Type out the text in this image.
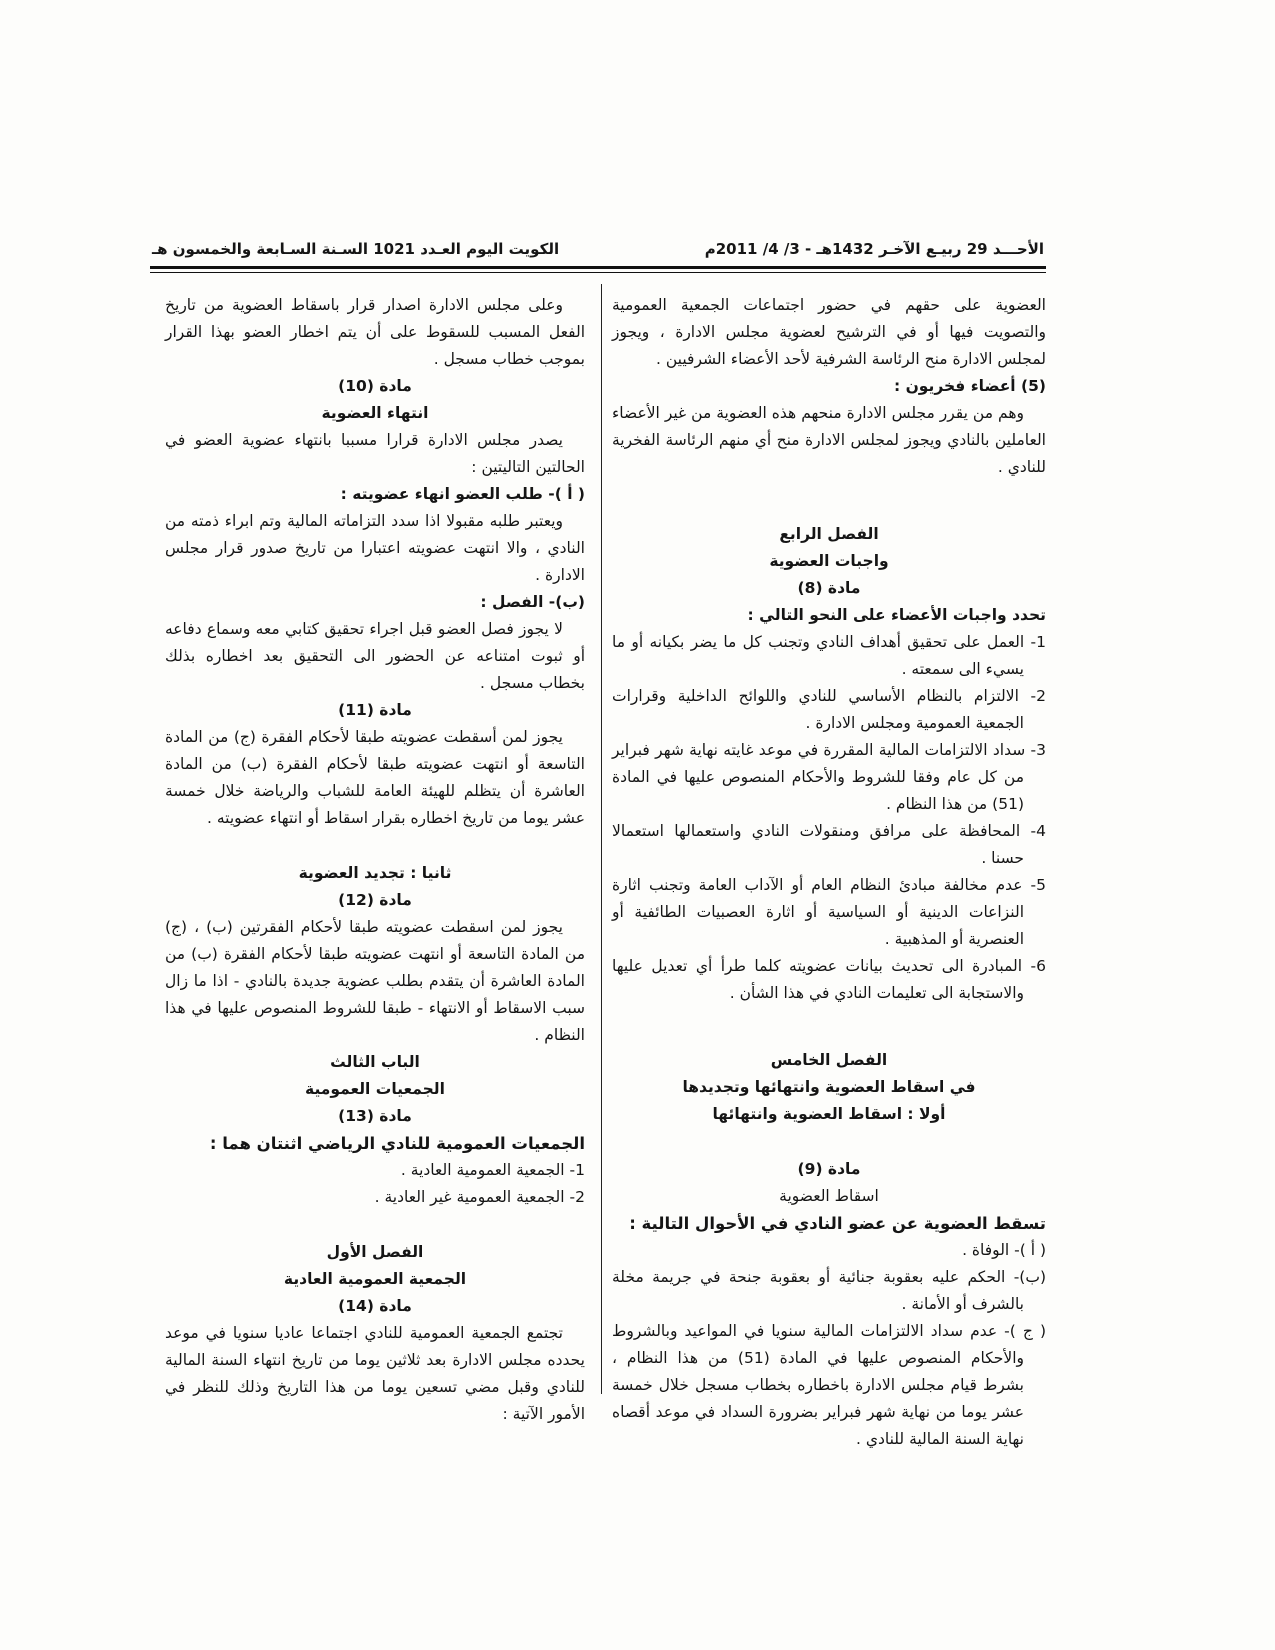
الأحـــد 29 ربيـع الآخـر 1432هـ - 3/ 4/ 2011م
الكويت اليوم العـدد 1021 السـنة السـابعة والخمسون هـ

العضوية على حقهم في حضور اجتماعات الجمعية العمومية والتصويت فيها أو في الترشيح لعضوية مجلس الادارة ، ويجوز لمجلس الادارة منح الرئاسة الشرفية لأحد الأعضاء الشرفيين .

(5) أعضاء فخريون :

وهم من يقرر مجلس الادارة منحهم هذه العضوية من غير الأعضاء العاملين بالنادي ويجوز لمجلس الادارة منح أي منهم الرئاسة الفخرية للنادي .

الفصل الرابع

واجبات العضوية

مادة (8)

تحدد واجبات الأعضاء على النحو التالي :

1- العمل على تحقيق أهداف النادي وتجنب كل ما يضر بكيانه أو ما يسيء الى سمعته .

2- الالتزام بالنظام الأساسي للنادي واللوائح الداخلية وقرارات الجمعية العمومية ومجلس الادارة .

3- سداد الالتزامات المالية المقررة في موعد غايته نهاية شهر فبراير من كل عام وفقا للشروط والأحكام المنصوص عليها في المادة (51) من هذا النظام .

4- المحافظة على مرافق ومنقولات النادي واستعمالها استعمالا حسنا .

5- عدم مخالفة مبادئ النظام العام أو الآداب العامة وتجنب اثارة النزاعات الدينية أو السياسية أو اثارة العصبيات الطائفية أو العنصرية أو المذهبية .

6- المبادرة الى تحديث بيانات عضويته كلما طرأ أي تعديل عليها والاستجابة الى تعليمات النادي في هذا الشأن .

الفصل الخامس

في اسقاط العضوية وانتهائها وتجديدها

أولا : اسقاط العضوية وانتهائها

مادة (9)

اسقاط العضوية

تسقط العضوية عن عضو النادي في الأحوال التالية :

( أ )- الوفاة .

(ب)- الحكم عليه بعقوبة جنائية أو بعقوبة جنحة في جريمة مخلة بالشرف أو الأمانة .

( ج )- عدم سداد الالتزامات المالية سنويا في المواعيد وبالشروط والأحكام المنصوص عليها في المادة (51) من هذا النظام ، بشرط قيام مجلس الادارة باخطاره بخطاب مسجل خلال خمسة عشر يوما من نهاية شهر فبراير بضرورة السداد في موعد أقصاه نهاية السنة المالية للنادي .

وعلى مجلس الادارة اصدار قرار باسقاط العضوية من تاريخ الفعل المسبب للسقوط على أن يتم اخطار العضو بهذا القرار بموجب خطاب مسجل .

مادة (10)

انتهاء العضوية

يصدر مجلس الادارة قرارا مسببا بانتهاء عضوية العضو في الحالتين التاليتين :

( أ )- طلب العضو انهاء عضويته :

ويعتبر طلبه مقبولا اذا سدد التزاماته المالية وتم ابراء ذمته من النادي ، والا انتهت عضويته اعتبارا من تاريخ صدور قرار مجلس الادارة .

(ب)- الفصل :

لا يجوز فصل العضو قبل اجراء تحقيق كتابي معه وسماع دفاعه أو ثبوت امتناعه عن الحضور الى التحقيق بعد اخطاره بذلك بخطاب مسجل .

مادة (11)

يجوز لمن أسقطت عضويته طبقا لأحكام الفقرة (ج) من المادة التاسعة أو انتهت عضويته طبقا لأحكام الفقرة (ب) من المادة العاشرة أن يتظلم للهيئة العامة للشباب والرياضة خلال خمسة عشر يوما من تاريخ اخطاره بقرار اسقاط أو انتهاء عضويته .

ثانيا : تجديد العضوية

مادة (12)

يجوز لمن اسقطت عضويته طبقا لأحكام الفقرتين (ب) ، (ج) من المادة التاسعة أو انتهت عضويته طبقا لأحكام الفقرة (ب) من المادة العاشرة أن يتقدم بطلب عضوية جديدة بالنادي - اذا ما زال سبب الاسقاط أو الانتهاء - طبقا للشروط المنصوص عليها في هذا النظام .

الباب الثالث

الجمعيات العمومية

مادة (13)

الجمعيات العمومية للنادي الرياضي اثنتان هما :

1- الجمعية العمومية العادية .

2- الجمعية العمومية غير العادية .

الفصل الأول

الجمعية العمومية العادية

مادة (14)

تجتمع الجمعية العمومية للنادي اجتماعا عاديا سنويا في موعد يحدده مجلس الادارة بعد ثلاثين يوما من تاريخ انتهاء السنة المالية للنادي وقبل مضي تسعين يوما من هذا التاريخ وذلك للنظر في الأمور الآتية :
